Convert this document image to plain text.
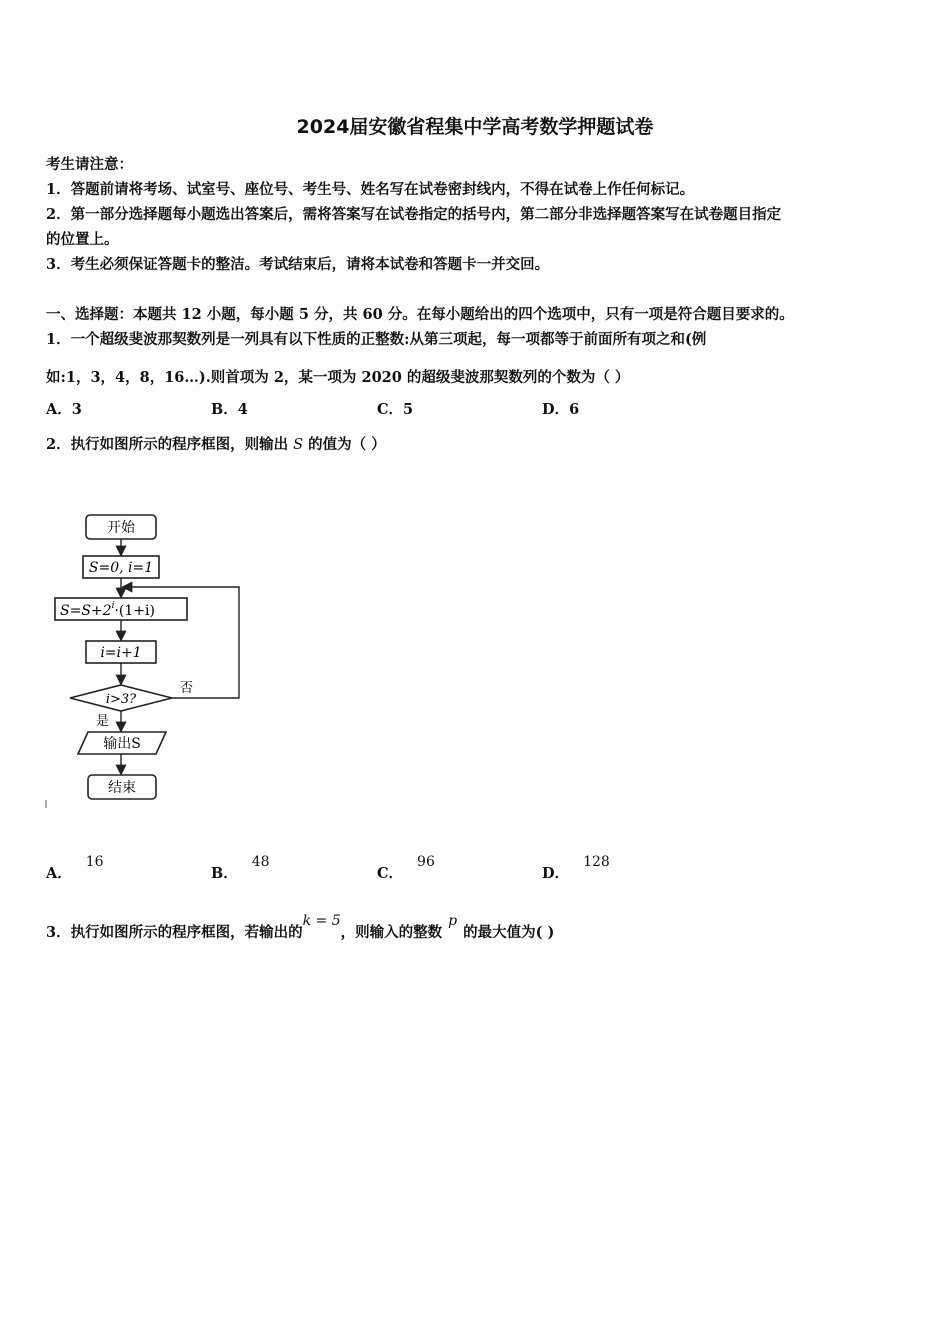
2024届安徽省程集中学高考数学押题试卷
考生请注意：
1．答题前请将考场、试室号、座位号、考生号、姓名写在试卷密封线内，不得在试卷上作任何标记。
2．第一部分选择题每小题选出答案后，需将答案写在试卷指定的括号内，第二部分非选择题答案写在试卷题目指定
的位置上。
3．考生必须保证答题卡的整洁。考试结束后，请将本试卷和答题卡一并交回。
一、选择题：本题共 12 小题，每小题 5 分，共 60 分。在每小题给出的四个选项中，只有一项是符合题目要求的。
1．一个超级斐波那契数列是一列具有以下性质的正整数:从第三项起，每一项都等于前面所有项之和(例
如:1，3，4，8，16…).则首项为 2，某一项为 2020 的超级斐波那契数列的个数为（ ）
A．3	B．4	C．5	D．6
2．执行如图所示的程序框图，则输出 S 的值为（ ）
开始
S=0, i=1
$S=S+2^i\cdot(1+i)$
i=i+1
i>3?
否
是
输出S
结束
A．16
B．48
C．96
D．128
3．执行如图所示的程序框图，若输出的k = 5，则输入的整数p的最大值为( )
